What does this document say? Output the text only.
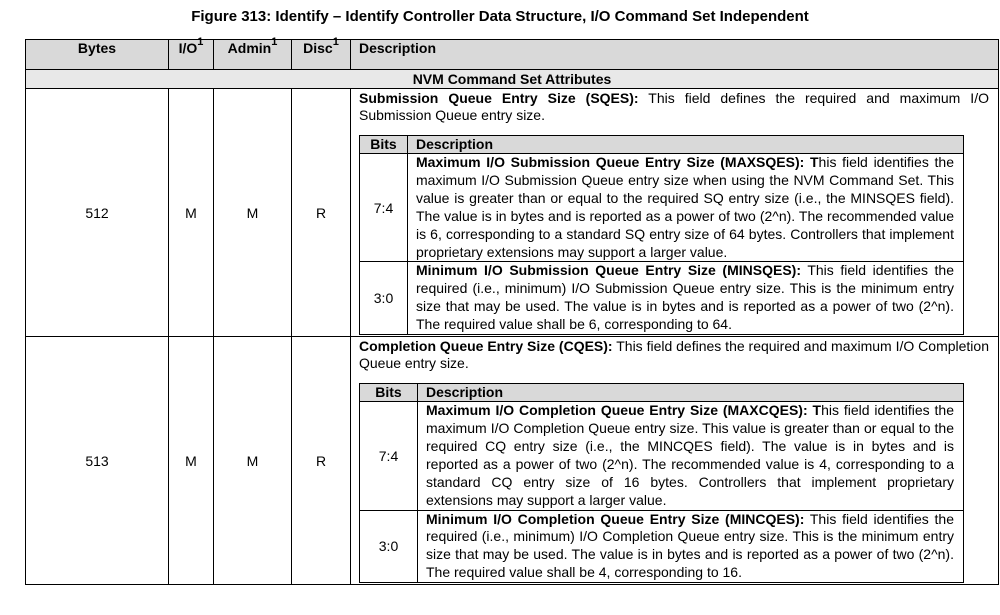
Figure 313: Identify – Identify Controller Data Structure, I/O Command Set Independent
Bytes	$I/O^1$	Admin$^1$	Disc$^1$	Description
NVM Command Set Attributes
512	M	M	R	

Submission Queue Entry Size (SQES): This field defines the required and maximum I/O Submission Queue entry size.

Bits	Description
7:4	Maximum I/O Submission Queue Entry Size (MAXSQES): This field identifies the maximum I/O Submission Queue entry size when using the NVM Command Set. This value is greater than or equal to the required SQ entry size (i.e., the MINSQES field). The value is in bytes and is reported as a power of two (2^n). The recommended value is 6, corresponding to a standard SQ entry size of 64 bytes. Controllers that implement proprietary extensions may support a larger value.
3:0	Minimum I/O Submission Queue Entry Size (MINSQES): This field identifies the required (i.e., minimum) I/O Submission Queue entry size. This is the minimum entry size that may be used. The value is in bytes and is reported as a power of two (2^n). The required value shall be 6, corresponding to 64.

513	M	M	R	

Completion Queue Entry Size (CQES): This field defines the required and maximum I/O Completion Queue entry size.

Bits	Description
7:4	Maximum I/O Completion Queue Entry Size (MAXCQES): This field identifies the maximum I/O Completion Queue entry size. This value is greater than or equal to the required CQ entry size (i.e., the MINCQES field). The value is in bytes and is reported as a power of two (2^n). The recommended value is 4, corresponding to a standard CQ entry size of 16 bytes. Controllers that implement proprietary extensions may support a larger value.
3:0	Minimum I/O Completion Queue Entry Size (MINCQES): This field identifies the required (i.e., minimum) I/O Completion Queue entry size. This is the minimum entry size that may be used. The value is in bytes and is reported as a power of two (2^n). The required value shall be 4, corresponding to 16.
